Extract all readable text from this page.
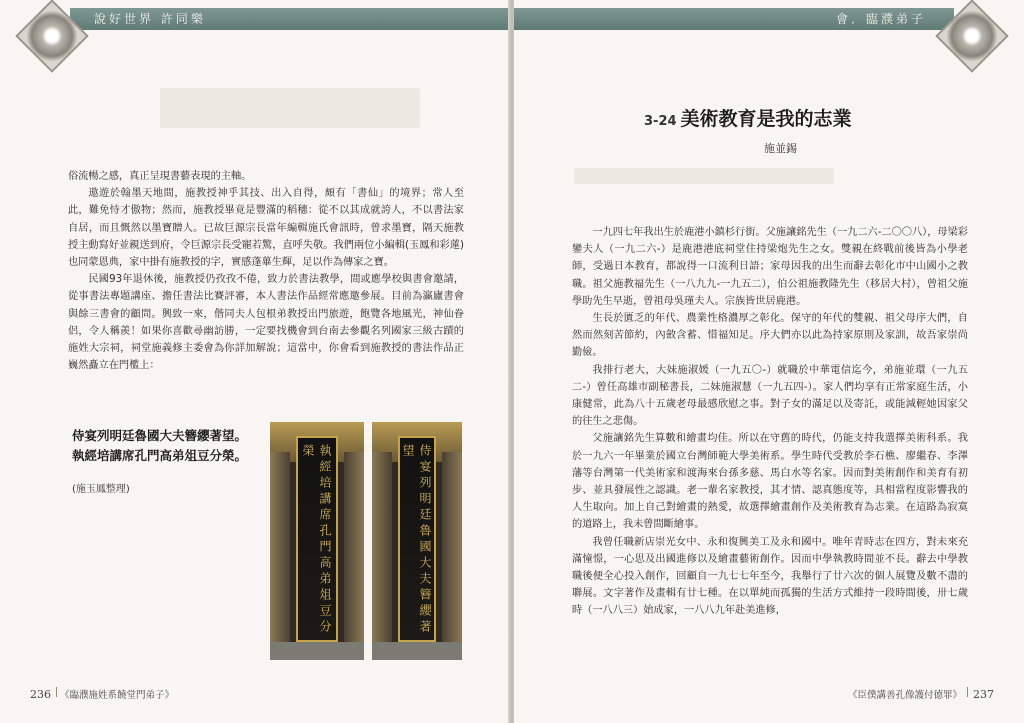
說好世界 許同樂

俗流暢之感，真正呈現書藝表現的主軸。

遨遊於翰墨天地間，施教授神乎其技、出入自得，頗有「書仙」的境界；常人至此，難免恃才傲物；然而，施教授畢竟是豐滿的稻穗：從不以其成就誇人，不以書法家自居，而且慨然以墨寶贈人。已故巨源宗長當年編輯施氏會訊時，曾求墨寶，隔天施教授主動寫好並親送到府，令巨源宗長受寵若驚，直呼失敬。我們兩位小編輯(玉鳳和彩蓮)也同蒙恩典，家中掛有施教授的字，實感蓬蓽生輝，足以作為傳家之寶。

民國93年退休後，施教授仍孜孜不倦，致力於書法教學，間或應學校與書會邀請，從事書法專題講座、擔任書法比賽評審，本人書法作品經常應邀參展。目前為瀛廬書會與餘三書會的顧問。興致一來，偕同夫人包根弟教授出門旅遊，飽覽各地風光，神仙眷侶，令人稱羨！如果你喜歡尋幽訪勝，一定要找機會到台南去參觀名列國家三級古蹟的施姓大宗祠，祠堂施義修主委會為你詳加解說；這當中，你會看到施教授的書法作品正巍然矗立在門檻上：

侍宴列明廷魯國大夫簪纓著望。
執經培講席孔門高弟俎豆分榮。
(施玉鳳整理)	執經培講席孔門高弟俎豆分榮	侍宴列明廷魯國大夫簪纓著望
236 《臨濮施姓系饒堂門弟子》
會．臨濮弟子
3-24 美術教育是我的志業
施並錫

一九四七年我出生於鹿港小鎮杉行街。父施讓銘先生（一九二六-二〇〇八），母梁彩鑾夫人（一九二六-）是鹿港港底祠堂住持梁炮先生之女。雙親在終戰前後皆為小學老師，受過日本教育，都說得一口流利日語；家母因我的出生而辭去彰化市中山國小之教職。祖父施教福先生（一八九九-一九五二），伯公祖施教隆先生（移居大村），曾祖父施學助先生早逝，曾祖母吳瑾夫人。宗族皆世居鹿港。

生長於匱乏的年代、農業性格濃厚之彰化。保守的年代的雙親、祖父母序大們，自然而然刻苦節約，內斂含蓄、惜福知足。序大們亦以此為持家原則及家訓，故吾家崇尚勤儉。

我排行老大，大妹施淑媛（一九五〇-）就職於中華電信迄今，弟施並環（一九五二-）曾任高雄市副秘書長，二妹施淑慧（一九五四-）。家人們均享有正常家庭生活，小康健常，此為八十五歲老母最感欣慰之事。對子女的滿足以及寄託，或能減輕她因家父的往生之悲傷。

父施讓銘先生算數和繪畫均佳。所以在守舊的時代，仍能支持我選擇美術科系。我於一九六一年畢業於國立台灣師範大學美術系。學生時代受教於李石樵、廖繼春、李澤藩等台灣第一代美術家和渡海來台孫多慈、馬白水等名家。因而對美術創作和美育有初步、並具發展性之認識。老一輩名家教授，其才情、認真態度等，具相當程度影響我的人生取向。加上自己對繪畫的熱愛，故選擇繪畫創作及美術教育為志業。在這路為寂寞的道路上，我未曾間斷繪事。

我曾任職新店崇光女中、永和復興美工及永和國中。唯年青時志在四方，對未來充滿憧憬，一心思及出國進修以及繪畫藝術創作。因而中學執教時間並不長。辭去中學教職後便全心投入創作，回顧自一九七七年至今，我舉行了廿六次的個人展覽及數不盡的聯展。文字著作及畫輯有廿七種。在以單純而孤獨的生活方式維持一段時間後，卅七歲時（一八八三）始成家，一八八九年赴美進修，

《臣僕講善孔像護付德罪》 237
